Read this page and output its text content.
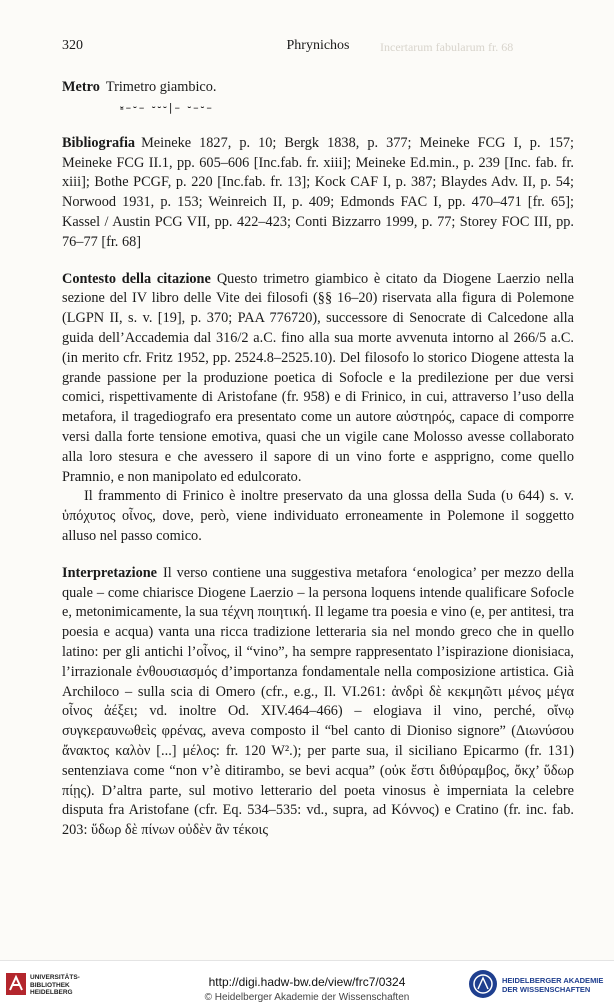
320	Phrynichos	Incertarum fabularum fr. 68

Metro Trimetro giambico.

⏓–⏑– ⏑⏑⏑|– ⏑–⏑–

Bibliografia Meineke 1827, p. 10; Bergk 1838, p. 377; Meineke FCG I, p. 157; Meineke FCG II.1, pp. 605–606 [Inc.fab. fr. xiii]; Meineke Ed.min., p. 239 [Inc. fab. fr. xiii]; Bothe PCGF, p. 220 [Inc.fab. fr. 13]; Kock CAF I, p. 387; Blaydes Adv. II, p. 54; Norwood 1931, p. 153; Weinreich II, p. 409; Edmonds FAC I, pp. 470–471 [fr. 65]; Kassel / Austin PCG VII, pp. 422–423; Conti Bizzarro 1999, p. 77; Storey FOC III, pp. 76–77 [fr. 68]

Contesto della citazione Questo trimetro giambico è citato da Diogene Laerzio nella sezione del IV libro delle Vite dei filosofi (§§ 16–20) riservata alla figura di Polemone (LGPN II, s. v. [19], p. 370; PAA 776720), successore di Senocrate di Calcedone alla guida dell’Accademia dal 316/2 a.C. fino alla sua morte avvenuta intorno al 266/5 a.C. (in merito cfr. Fritz 1952, pp. 2524.8–2525.10). Del filosofo lo storico Diogene attesta la grande passione per la produzione poetica di Sofocle e la predilezione per due versi comici, rispettivamente di Aristofane (fr. 958) e di Frinico, in cui, attraverso l’uso della metafora, il tragediografo era presentato come un autore αὐστηρός, capace di comporre versi dalla forte tensione emotiva, quasi che un vigile cane Molosso avesse collaborato alla loro stesura e che avessero il sapore di un vino forte e aspprigno, come quello Pramnio, e non manipolato ed edulcorato.

Il frammento di Frinico è inoltre preservato da una glossa della Suda (υ 644) s. v. ὑπόχυτος οἶνος, dove, però, viene individuato erroneamente in Polemone il soggetto alluso nel passo comico.

Interpretazione Il verso contiene una suggestiva metafora ‘enologica’ per mezzo della quale – come chiarisce Diogene Laerzio – la persona loquens intende qualificare Sofocle e, metonimicamente, la sua τέχνη ποιητική. Il legame tra poesia e vino (e, per antitesi, tra poesia e acqua) vanta una ricca tradizione letteraria sia nel mondo greco che in quello latino: per gli antichi l’οἶνος, il “vino”, ha sempre rappresentato l’ispirazione dionisiaca, l’irrazionale ἐνθουσιασμός d’importanza fondamentale nella composizione artistica. Già Archiloco – sulla scia di Omero (cfr., e.g., Il. VI.261: ἀνδρὶ δὲ κεκμηῶτι μένος μέγα οἶνος ἀέξει; vd. inoltre Od. XIV.464–466) – elogiava il vino, perché, οἴνῳ συγκεραυνωθεὶς φρένας, aveva composto il “bel canto di Dioniso signore” (Διωνύσου ἄνακτος καλὸν [...] μέλος: fr. 120 W².); per parte sua, il siciliano Epicarmo (fr. 131) sentenziava come “non v’è ditirambo, se bevi acqua” (οὐκ ἔστι διθύραμβος, ὄκχ’ ὕδωρ πίῃς). D’altra parte, sul motivo letterario del poeta vinosus è imperniata la celebre disputa fra Aristofane (cfr. Eq. 534–535: vd., supra, ad Κόννος) e Cratino (fr. inc. fab. 203: ὕδωρ δὲ πίνων οὐδὲν ἂν τέκοις

UNIVERSITÄTS-
BIBLIOTHEK
HEIDELBERG
http://digi.hadw-bw.de/view/frc7/0324
© Heidelberger Akademie der Wissenschaften
HEIDELBERGER AKADEMIE
DER WISSENSCHAFTEN
